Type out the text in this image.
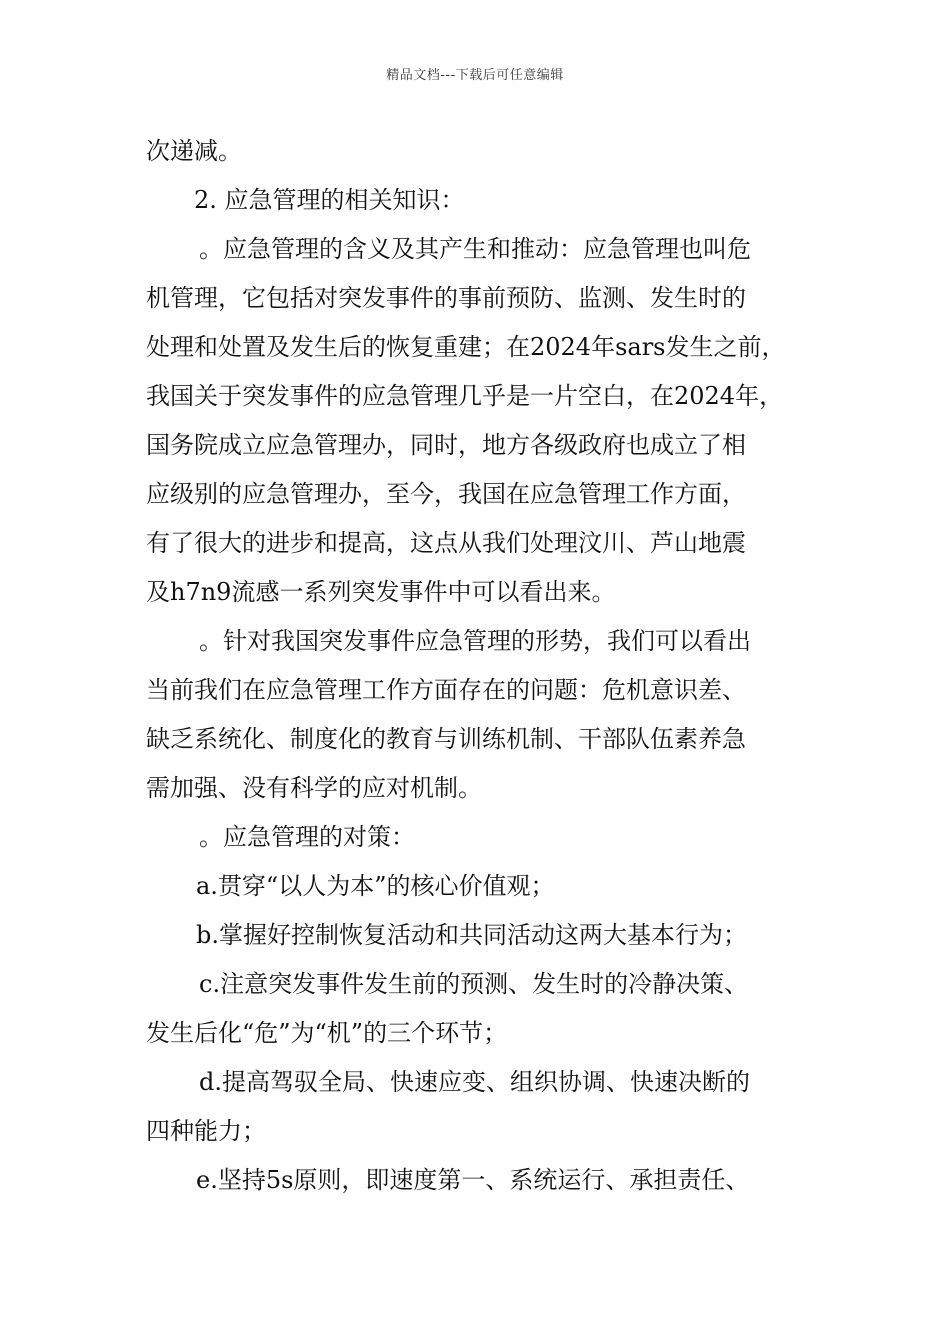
精品文档---下载后可任意编辑
次递减。
2. 应急管理的相关知识：
。应急管理的含义及其产生和推动：应急管理也叫危
机管理，它包括对突发事件的事前预防、监测、发生时的
处理和处置及发生后的恢复重建；在2024年sars发生之前，
我国关于突发事件的应急管理几乎是一片空白，在2024年，
国务院成立应急管理办，同时，地方各级政府也成立了相
应级别的应急管理办，至今，我国在应急管理工作方面，
有了很大的进步和提高，这点从我们处理汶川、芦山地震
及h7n9流感一系列突发事件中可以看出来。
。针对我国突发事件应急管理的形势，我们可以看出
当前我们在应急管理工作方面存在的问题：危机意识差、
缺乏系统化、制度化的教育与训练机制、干部队伍素养急
需加强、没有科学的应对机制。
。应急管理的对策：
a.贯穿“以人为本”的核心价值观；
b.掌握好控制恢复活动和共同活动这两大基本行为；
c.注意突发事件发生前的预测、发生时的冷静决策、
发生后化“危”为“机”的三个环节；
d.提高驾驭全局、快速应变、组织协调、快速决断的
四种能力；
e.坚持5s原则，即速度第一、系统运行、承担责任、
